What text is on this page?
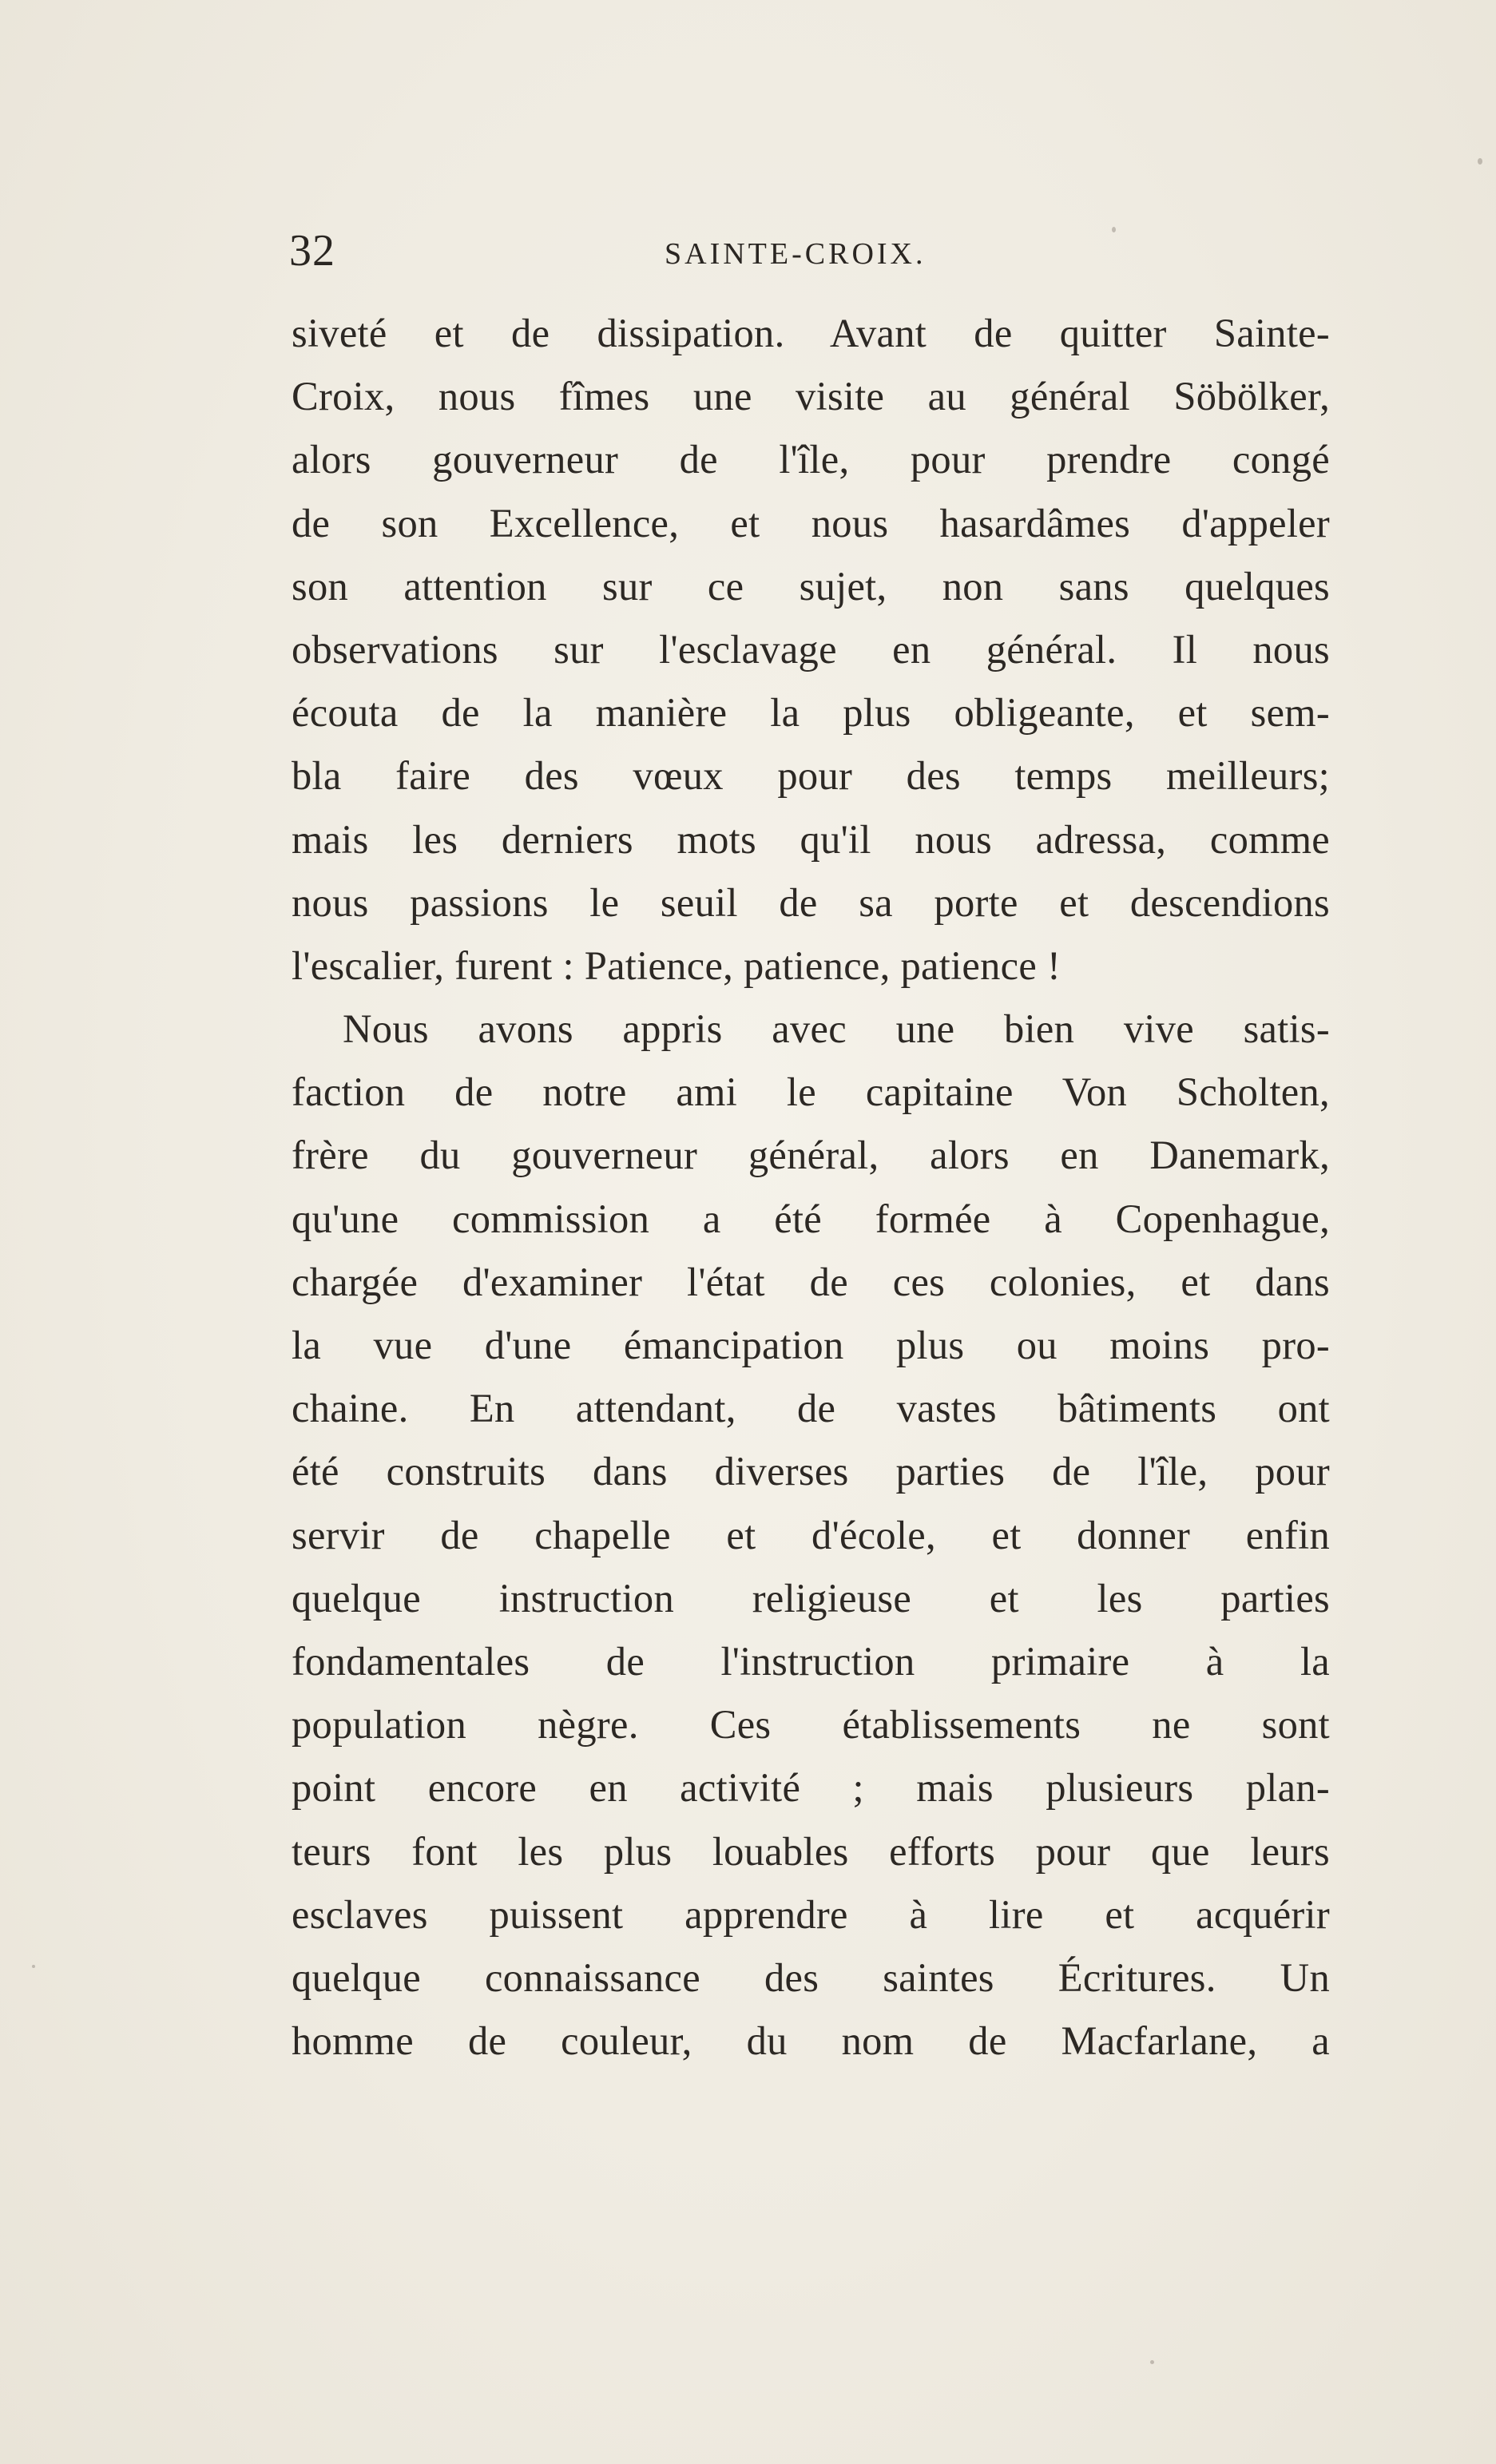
32	SAINTE-CROIX.
siveté et de dissipation. Avant de quitter Sainte-
Croix, nous fîmes une visite au général Söbölker,
alors gouverneur de l'île, pour prendre congé
de son Excellence, et nous hasardâmes d'appeler
son attention sur ce sujet, non sans quelques
observations sur l'esclavage en général. Il nous
écouta de la manière la plus obligeante, et sem-
bla faire des vœux pour des temps meilleurs;
mais les derniers mots qu'il nous adressa, comme
nous passions le seuil de sa porte et descendions
l'escalier, furent : Patience, patience, patience !
Nous avons appris avec une bien vive satis-
faction de notre ami le capitaine Von Scholten,
frère du gouverneur général, alors en Danemark,
qu'une commission a été formée à Copenhague,
chargée d'examiner l'état de ces colonies, et dans
la vue d'une émancipation plus ou moins pro-
chaine. En attendant, de vastes bâtiments ont
été construits dans diverses parties de l'île, pour
servir de chapelle et d'école, et donner enfin
quelque instruction religieuse et les parties
fondamentales de l'instruction primaire à la
population nègre. Ces établissements ne sont
point encore en activité ; mais plusieurs plan-
teurs font les plus louables efforts pour que leurs
esclaves puissent apprendre à lire et acquérir
quelque connaissance des saintes Écritures. Un
homme de couleur, du nom de Macfarlane, a
